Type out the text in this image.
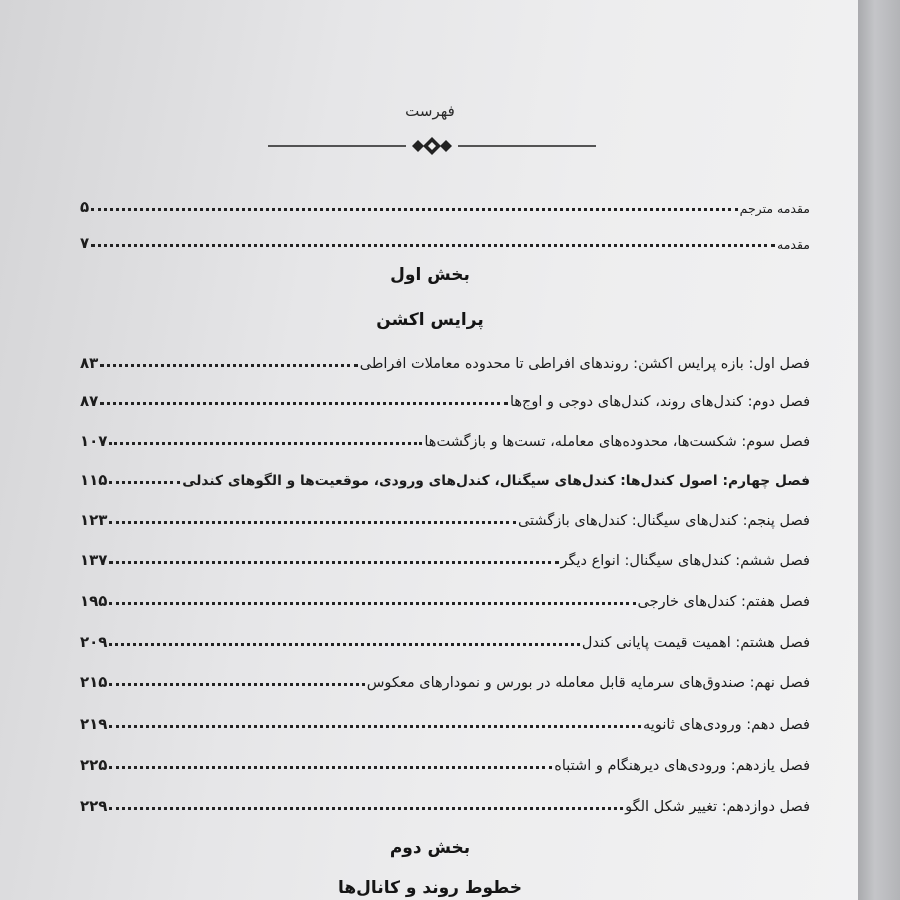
فهرست
مقدمه مترجم
۵
مقدمه
۷
بخش اول
پرایس اکشن
فصل اول: بازه پرایس اکشن: روندهای افراطی تا محدوده معاملات افراطی
۸۳
فصل دوم: کندل‌های روند، کندل‌های دوجی و اوج‌ها
۸۷
فصل سوم: شکست‌ها، محدوده‌های معامله، تست‌ها و بازگشت‌ها
۱۰۷
فصل چهارم: اصول کندل‌ها: کندل‌های سیگنال، کندل‌های ورودی، موقعیت‌ها و الگوهای کندلی
۱۱۵
فصل پنجم: کندل‌های سیگنال: کندل‌های بازگشتی
۱۲۳
فصل ششم: کندل‌های سیگنال: انواع دیگر
۱۳۷
فصل هفتم: کندل‌های خارجی
۱۹۵
فصل هشتم: اهمیت قیمت پایانی کندل
۲۰۹
فصل نهم: صندوق‌های سرمایه قابل معامله در بورس و نمودارهای معکوس
۲۱۵
فصل دهم: ورودی‌های ثانویه
۲۱۹
فصل یازدهم: ورودی‌های دیرهنگام و اشتباه
۲۲۵
فصل دوازدهم: تغییر شکل الگو
۲۲۹
بخش دوم
خطوط روند و کانال‌ها
